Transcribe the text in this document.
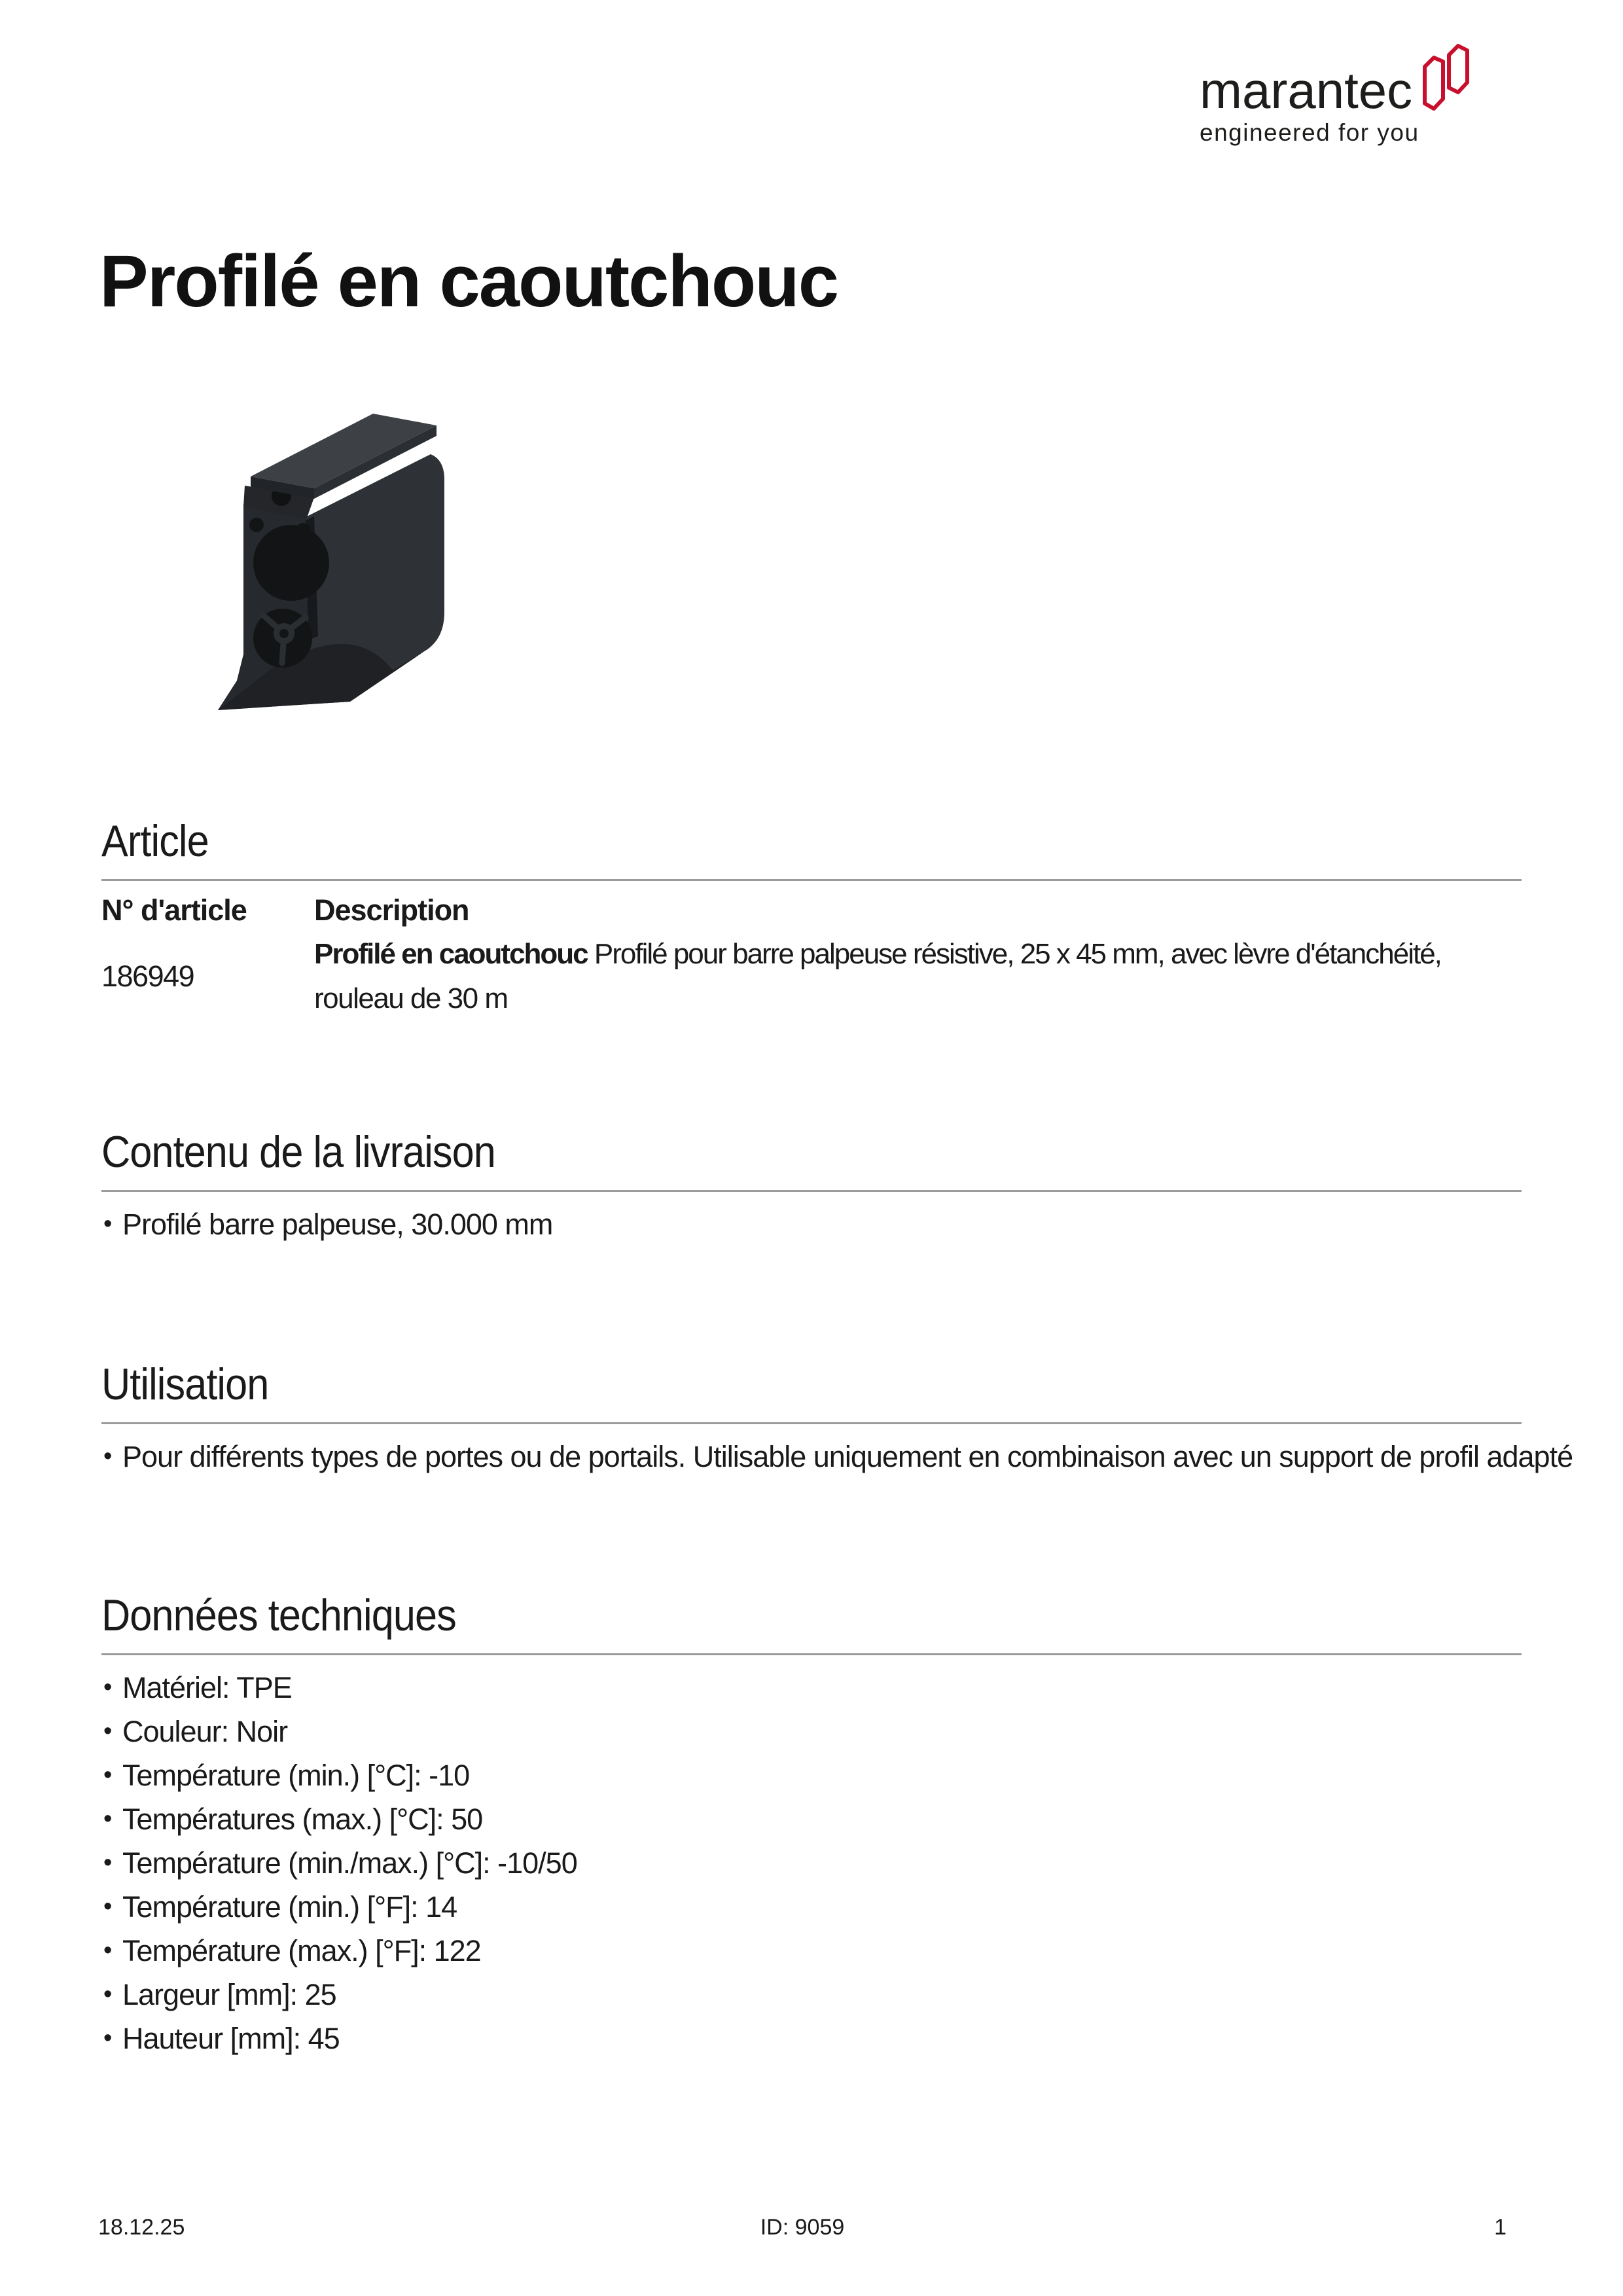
marantec
engineered for you
Profilé en caoutchouc
Article
N° d'article	Description
186949
Profilé en caoutchouc Profilé pour barre palpeuse résistive, 25 x 45 mm, avec lèvre d'étanchéité,
rouleau de 30 m
Contenu de la livraison
• Profilé barre palpeuse, 30.000 mm
Utilisation
• Pour différents types de portes ou de portails. Utilisable uniquement en combinaison avec un support de profil adapté
Données techniques
• Matériel: TPE
• Couleur: Noir
• Température (min.) [°C]: -10
• Températures (max.) [°C]: 50
• Température (min./max.) [°C]: -10/50
• Température (min.) [°F]: 14
• Température (max.) [°F]: 122
• Largeur [mm]: 25
• Hauteur [mm]: 45
18.12.25	ID: 9059	1
